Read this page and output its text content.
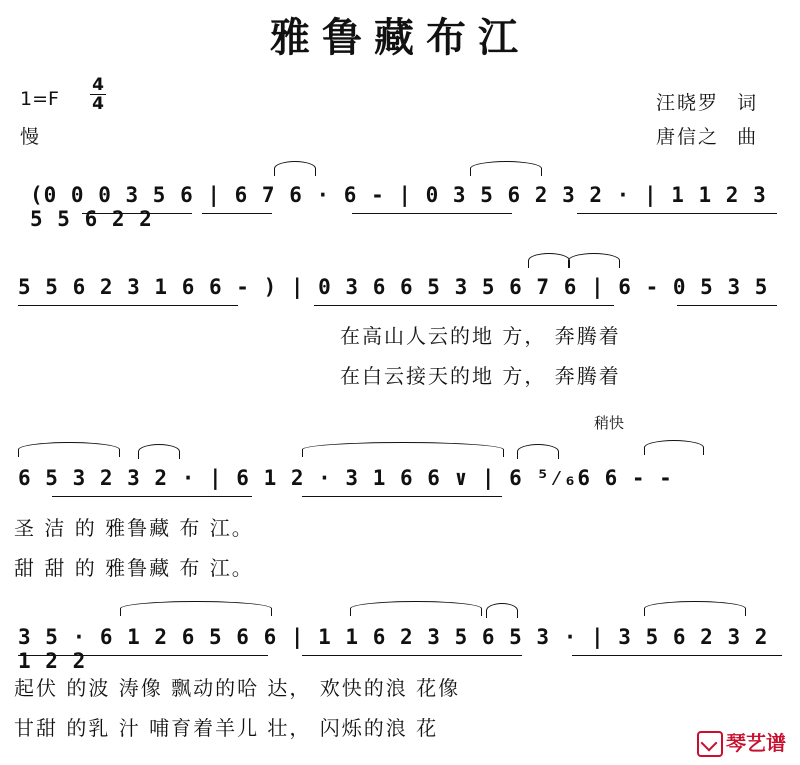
雅鲁藏布江
1=F
4
4
慢
汪晓罗 词
唐信之 曲
(0 0 0 3 5 6 | 6 7 6 · 6 - | 0 3 5 6 2 3 2 · | 1 1 2 3 5 5 6 2 2
5 5 6 2 3 1 6 6 - ) | 0 3 6 6 5 3 5 6 7 6 | 6 - 0 5 3 5
在高山人云的地 方， 奔腾着
在白云接天的地 方， 奔腾着
稍快
6 5 3 2 3 2 · | 6 1 2 · 3 1 6 6 ∨ | 6 ⁵⁄₆6 6 - -
圣 洁 的 雅鲁藏 布 江。
甜 甜 的 雅鲁藏 布 江。
3 5 · 6 1 2 6 5 6 6 | 1 1 6 2 3 5 6 5 3 · | 3 5 6 2 3 2 1 2 2
起伏 的波 涛像 飘动的哈 达， 欢快的浪 花像
甘甜 的乳 汁 哺育着羊儿 壮， 闪烁的浪 花
琴艺谱
